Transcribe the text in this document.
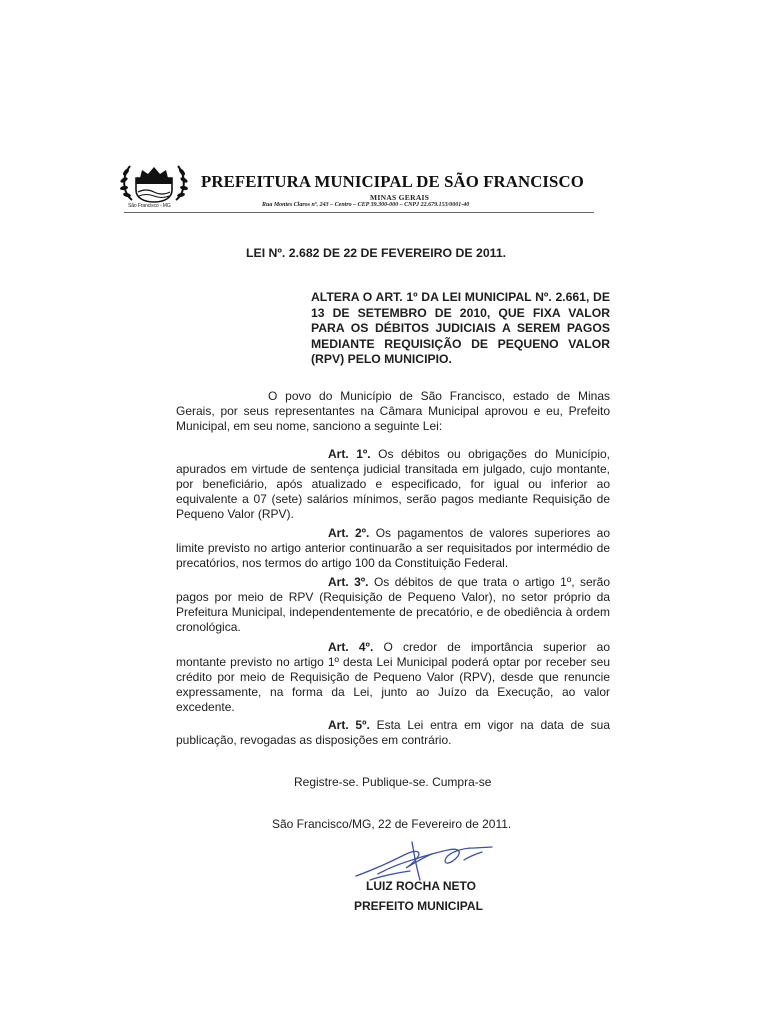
São Francisco - MG
PREFEITURA MUNICIPAL DE SÃO FRANCISCO
MINAS GERAIS
Rua Montes Claros nº. 243 – Centro – CEP 39.300-000 – CNPJ 22.679.153/0001-40
LEI Nº. 2.682 DE 22 DE FEVEREIRO DE 2011.
ALTERA O ART. 1º DA LEI MUNICIPAL Nº. 2.661, DE 13 DE SETEMBRO DE 2010, QUE FIXA VALOR PARA OS DÉBITOS JUDICIAIS A SEREM PAGOS MEDIANTE REQUISIÇÃO DE PEQUENO VALOR (RPV) PELO MUNICIPIO.
O povo do Município de São Francisco, estado de Minas Gerais, por seus representantes na Câmara Municipal aprovou e eu, Prefeito Municipal, em seu nome, sanciono a seguinte Lei:
Art. 1º. Os débitos ou obrigações do Município, apurados em virtude de sentença judicial transitada em julgado, cujo montante, por beneficiário, após atualizado e especificado, for igual ou inferior ao equivalente a 07 (sete) salários mínimos, serão pagos mediante Requisição de Pequeno Valor (RPV).
Art. 2º. Os pagamentos de valores superiores ao limite previsto no artigo anterior continuarão a ser requisitados por intermédio de precatórios, nos termos do artigo 100 da Constituição Federal.
Art. 3º. Os débitos de que trata o artigo 1º, serão pagos por meio de RPV (Requisição de Pequeno Valor), no setor próprio da Prefeitura Municipal, independentemente de precatório, e de obediência à ordem cronológica.
Art. 4º. O credor de importância superior ao montante previsto no artigo 1º desta Lei Municipal poderá optar por receber seu crédito por meio de Requisição de Pequeno Valor (RPV), desde que renuncie expressamente, na forma da Lei, junto ao Juízo da Execução, ao valor excedente.
Art. 5º. Esta Lei entra em vigor na data de sua publicação, revogadas as disposições em contrário.
Registre-se. Publique-se. Cumpra-se
São Francisco/MG, 22 de Fevereiro de 2011.
LUIZ ROCHA NETO
PREFEITO MUNICIPAL
